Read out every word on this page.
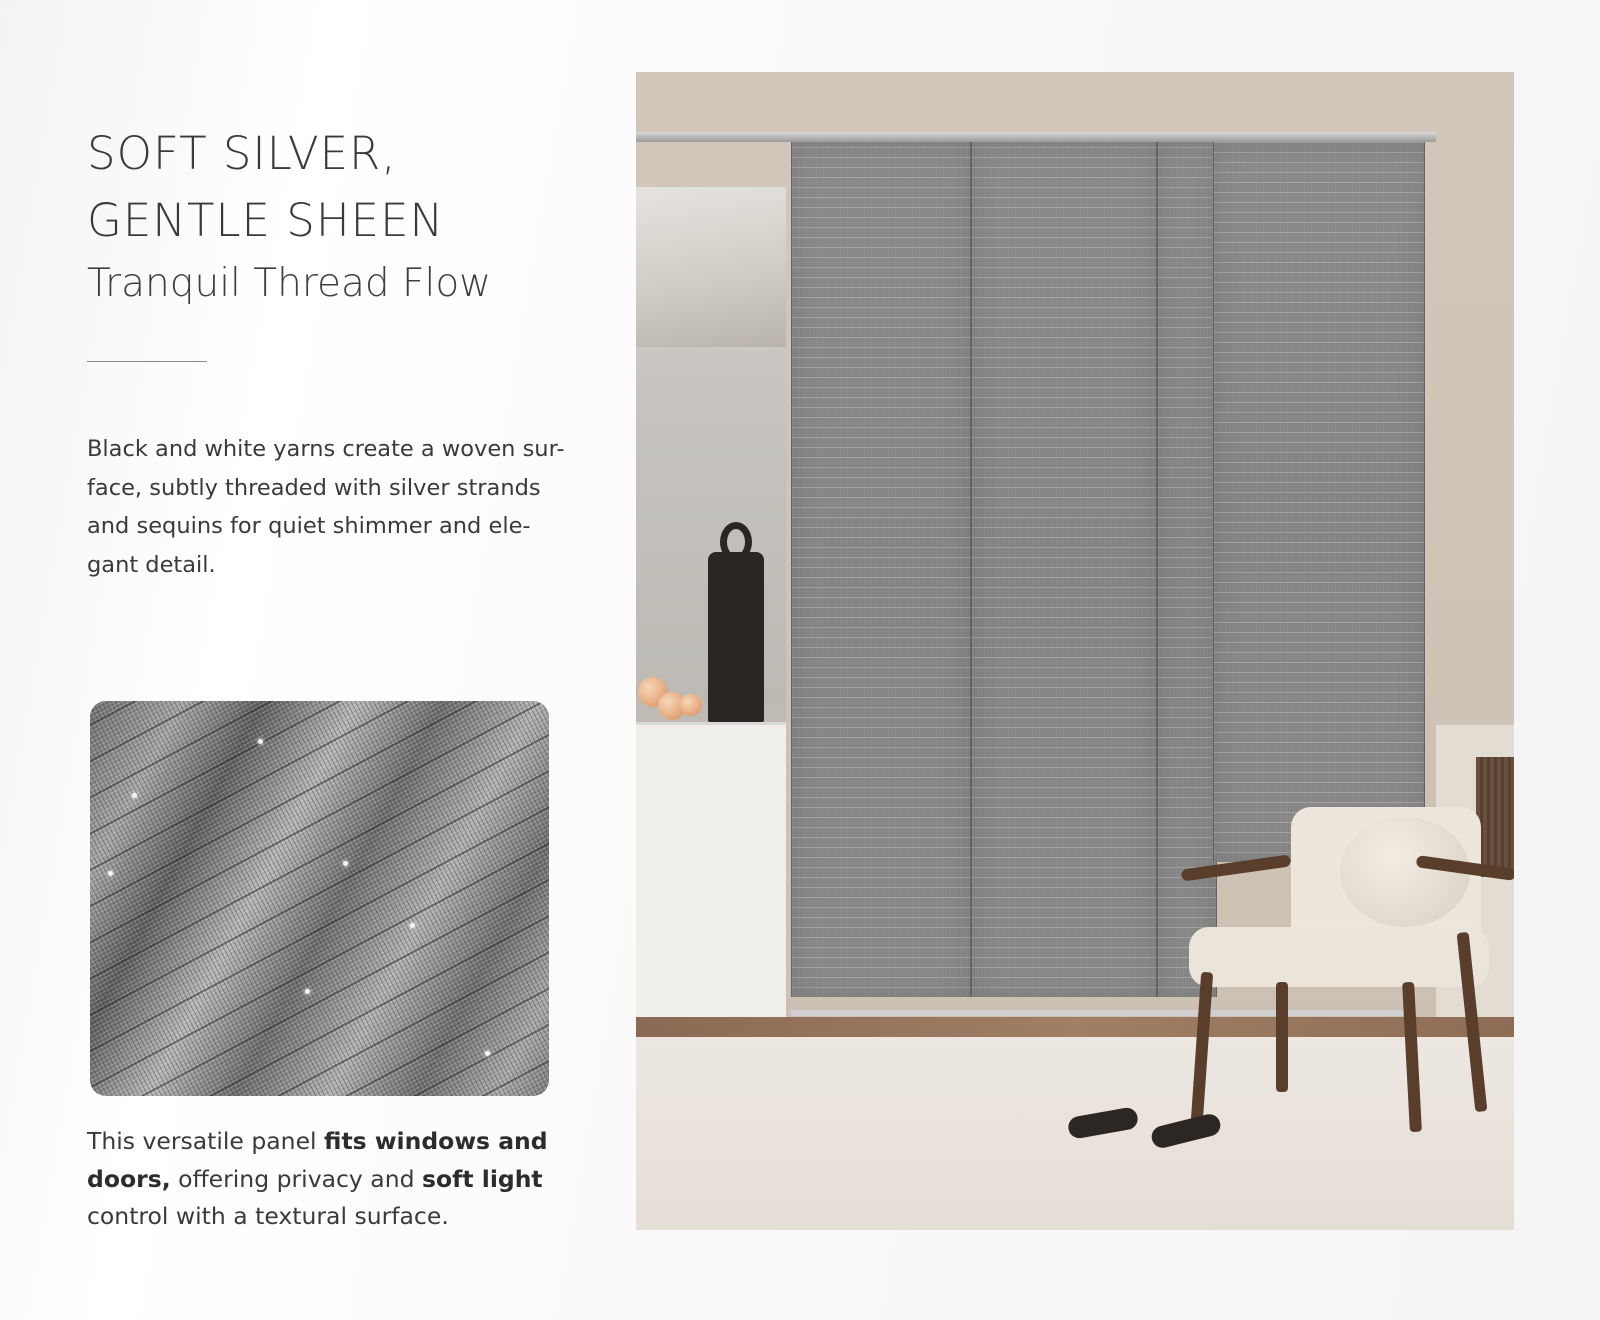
SOFT SILVER,

GENTLE SHEEN

Tranquil Thread Flow

Black and white yarns create a woven sur-
face, subtly threaded with silver strands
and sequins for quiet shimmer and ele-
gant detail.
This versatile panel fits windows and
doors, offering privacy and soft light
control with a textural surface.
